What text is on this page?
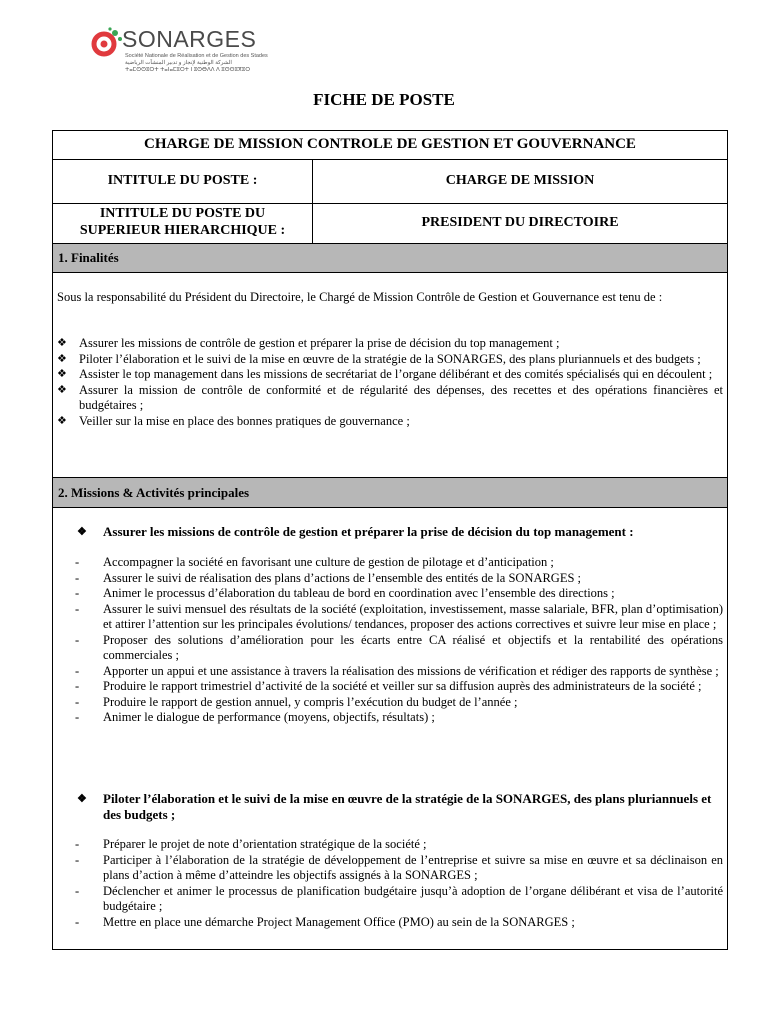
SONARGES
Société Nationale de Réalisation et de Gestion des Stades
الشركة الوطنية لإنجاز و تدبير المنشآت الرياضية
ⵜⴰⵎⵙⵙⵓⵔⵜ ⵜⴰⵏⴰⵎⵓⵔⵜ ⵏ ⵓⵙⴱⴷⴷ ⴷ ⵓⵙⵙⵓⴳⵓⵔ
FICHE DE POSTE
CHARGE DE MISSION CONTROLE DE GESTION ET GOUVERNANCE
INTITULE DU POSTE :	CHARGE DE MISSION
INTITULE DU POSTE DU SUPERIEUR HIERARCHIQUE :
PRESIDENT DU DIRECTOIRE
1. Finalités
Sous la responsabilité du Président du Directoire, le Chargé de Mission Contrôle de Gestion et Gouvernance est tenu de :
❖ Assurer les missions de contrôle de gestion et préparer la prise de décision du top management ;
❖ Piloter l’élaboration et le suivi de la mise en œuvre de la stratégie de la SONARGES, des plans pluriannuels et des budgets ;
❖ Assister le top management dans les missions de secrétariat de l’organe délibérant et des comités spécialisés qui en découlent ;
❖ Assurer la mission de contrôle de conformité et de régularité des dépenses, des recettes et des opérations financières et budgétaires ;
❖ Veiller sur la mise en place des bonnes pratiques de gouvernance ;
2. Missions & Activités principales
❖ Assurer les missions de contrôle de gestion et préparer la prise de décision du top management :
- Accompagner la société en favorisant une culture de gestion de pilotage et d’anticipation ;
- Assurer le suivi de réalisation des plans d’actions de l’ensemble des entités de la SONARGES ;
- Animer le processus d’élaboration du tableau de bord en coordination avec l’ensemble des directions ;
- Assurer le suivi mensuel des résultats de la société (exploitation, investissement, masse salariale, BFR, plan d’optimisation) et attirer l’attention sur les principales évolutions/ tendances, proposer des actions correctives et suivre leur mise en place ;
- Proposer des solutions d’amélioration pour les écarts entre CA réalisé et objectifs et la rentabilité des opérations commerciales ;
- Apporter un appui et une assistance à travers la réalisation des missions de vérification et rédiger des rapports de synthèse ;
- Produire le rapport trimestriel d’activité de la société et veiller sur sa diffusion auprès des administrateurs de la société ;
- Produire le rapport de gestion annuel, y compris l’exécution du budget de l’année ;
- Animer le dialogue de performance (moyens, objectifs, résultats) ;
❖ Piloter l’élaboration et le suivi de la mise en œuvre de la stratégie de la SONARGES, des plans pluriannuels et des budgets ;
- Préparer le projet de note d’orientation stratégique de la société ;
- Participer à l’élaboration de la stratégie de développement de l’entreprise et suivre sa mise en œuvre et sa déclinaison en plans d’action à même d’atteindre les objectifs assignés à la SONARGES ;
- Déclencher et animer le processus de planification budgétaire jusqu’à adoption de l’organe délibérant et visa de l’autorité budgétaire ;
- Mettre en place une démarche Project Management Office (PMO) au sein de la SONARGES ;
